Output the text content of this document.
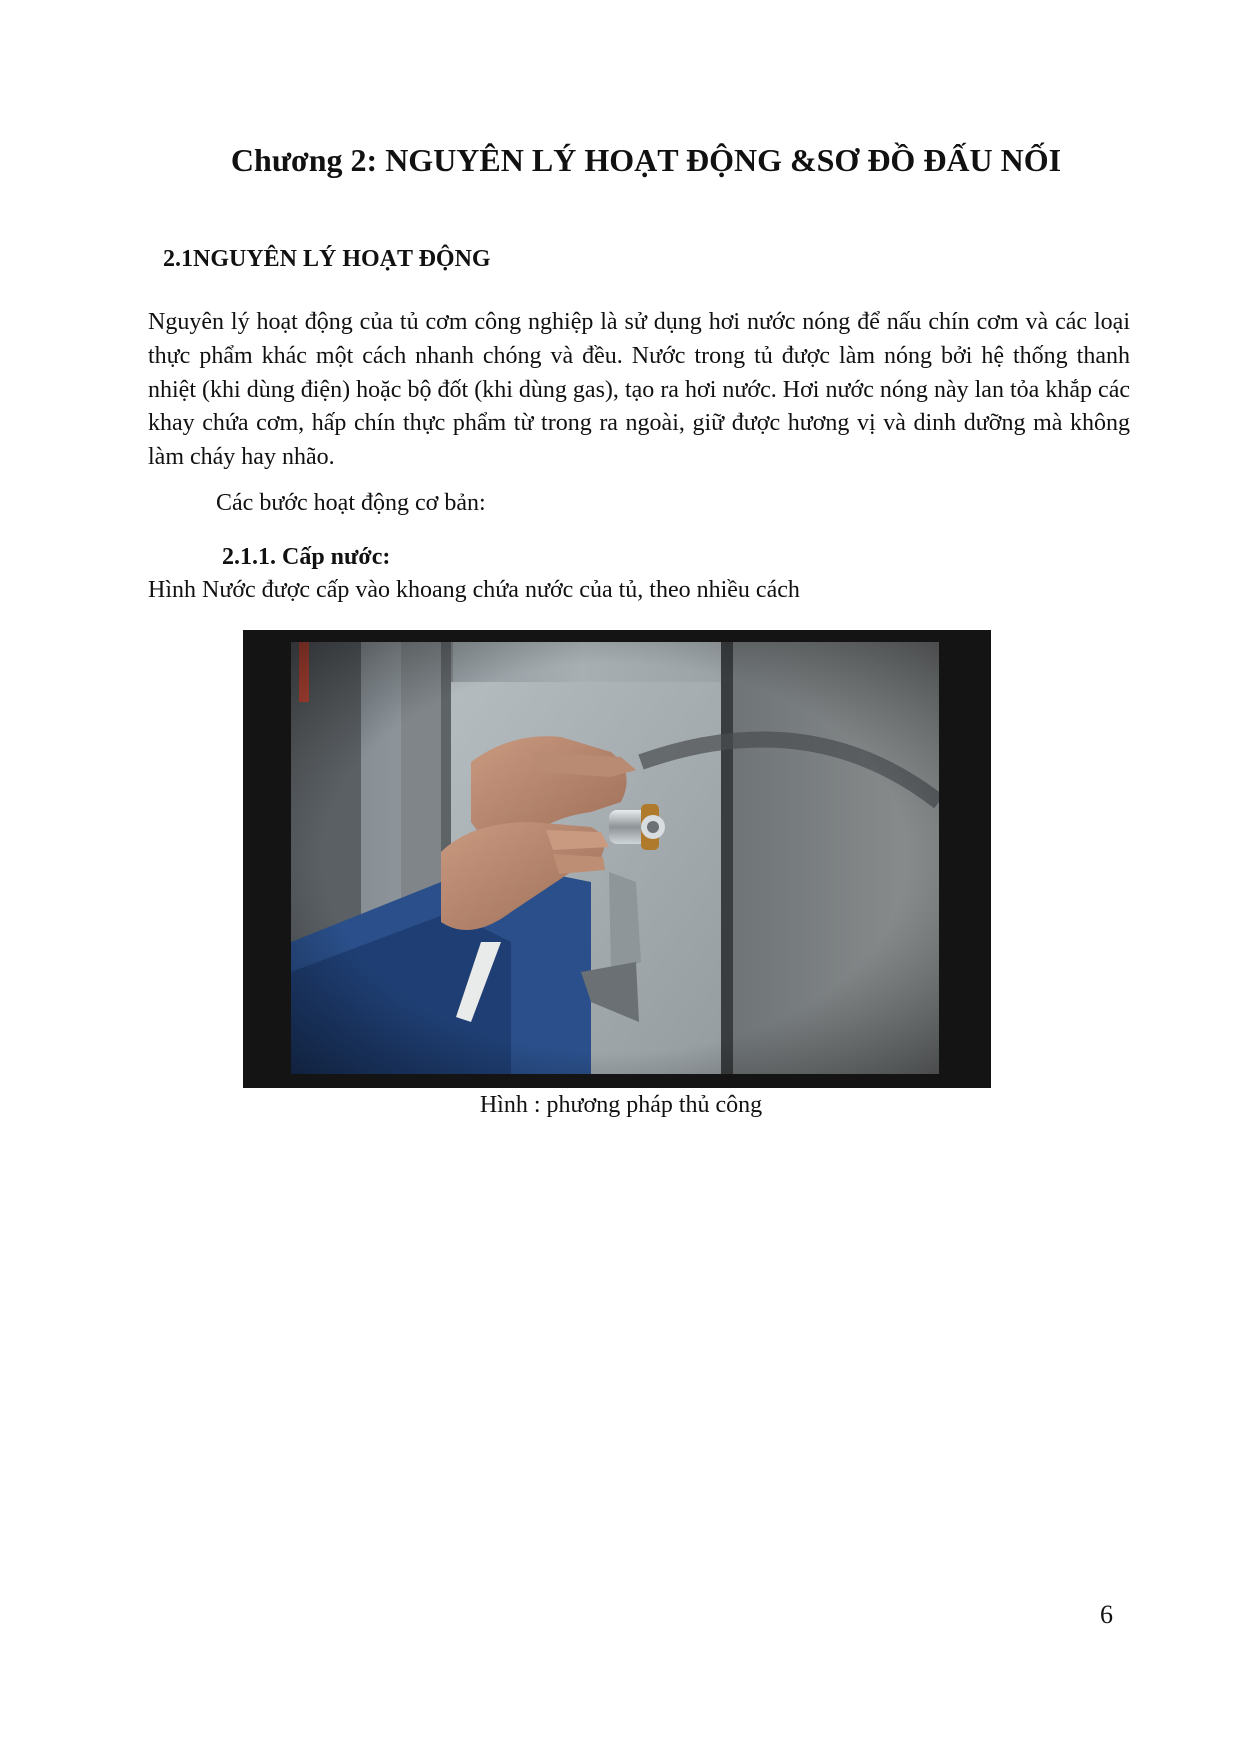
Chương 2: NGUYÊN LÝ HOẠT ĐỘNG &SƠ ĐỒ ĐẤU NỐI
2.1NGUYÊN LÝ HOẠT ĐỘNG

Nguyên lý hoạt động của tủ cơm công nghiệp là sử dụng hơi nước nóng để nấu chín cơm và các loại thực phẩm khác một cách nhanh chóng và đều. Nước trong tủ được làm nóng bởi hệ thống thanh nhiệt (khi dùng điện) hoặc bộ đốt (khi dùng gas), tạo ra hơi nước. Hơi nước nóng này lan tỏa khắp các khay chứa cơm, hấp chín thực phẩm từ trong ra ngoài, giữ được hương vị và dinh dưỡng mà không làm cháy hay nhão.

Các bước hoạt động cơ bản:

2.1.1. Cấp nước:

Hình Nước được cấp vào khoang chứa nước của tủ, theo nhiều cách

Hình : phương pháp thủ công

6
